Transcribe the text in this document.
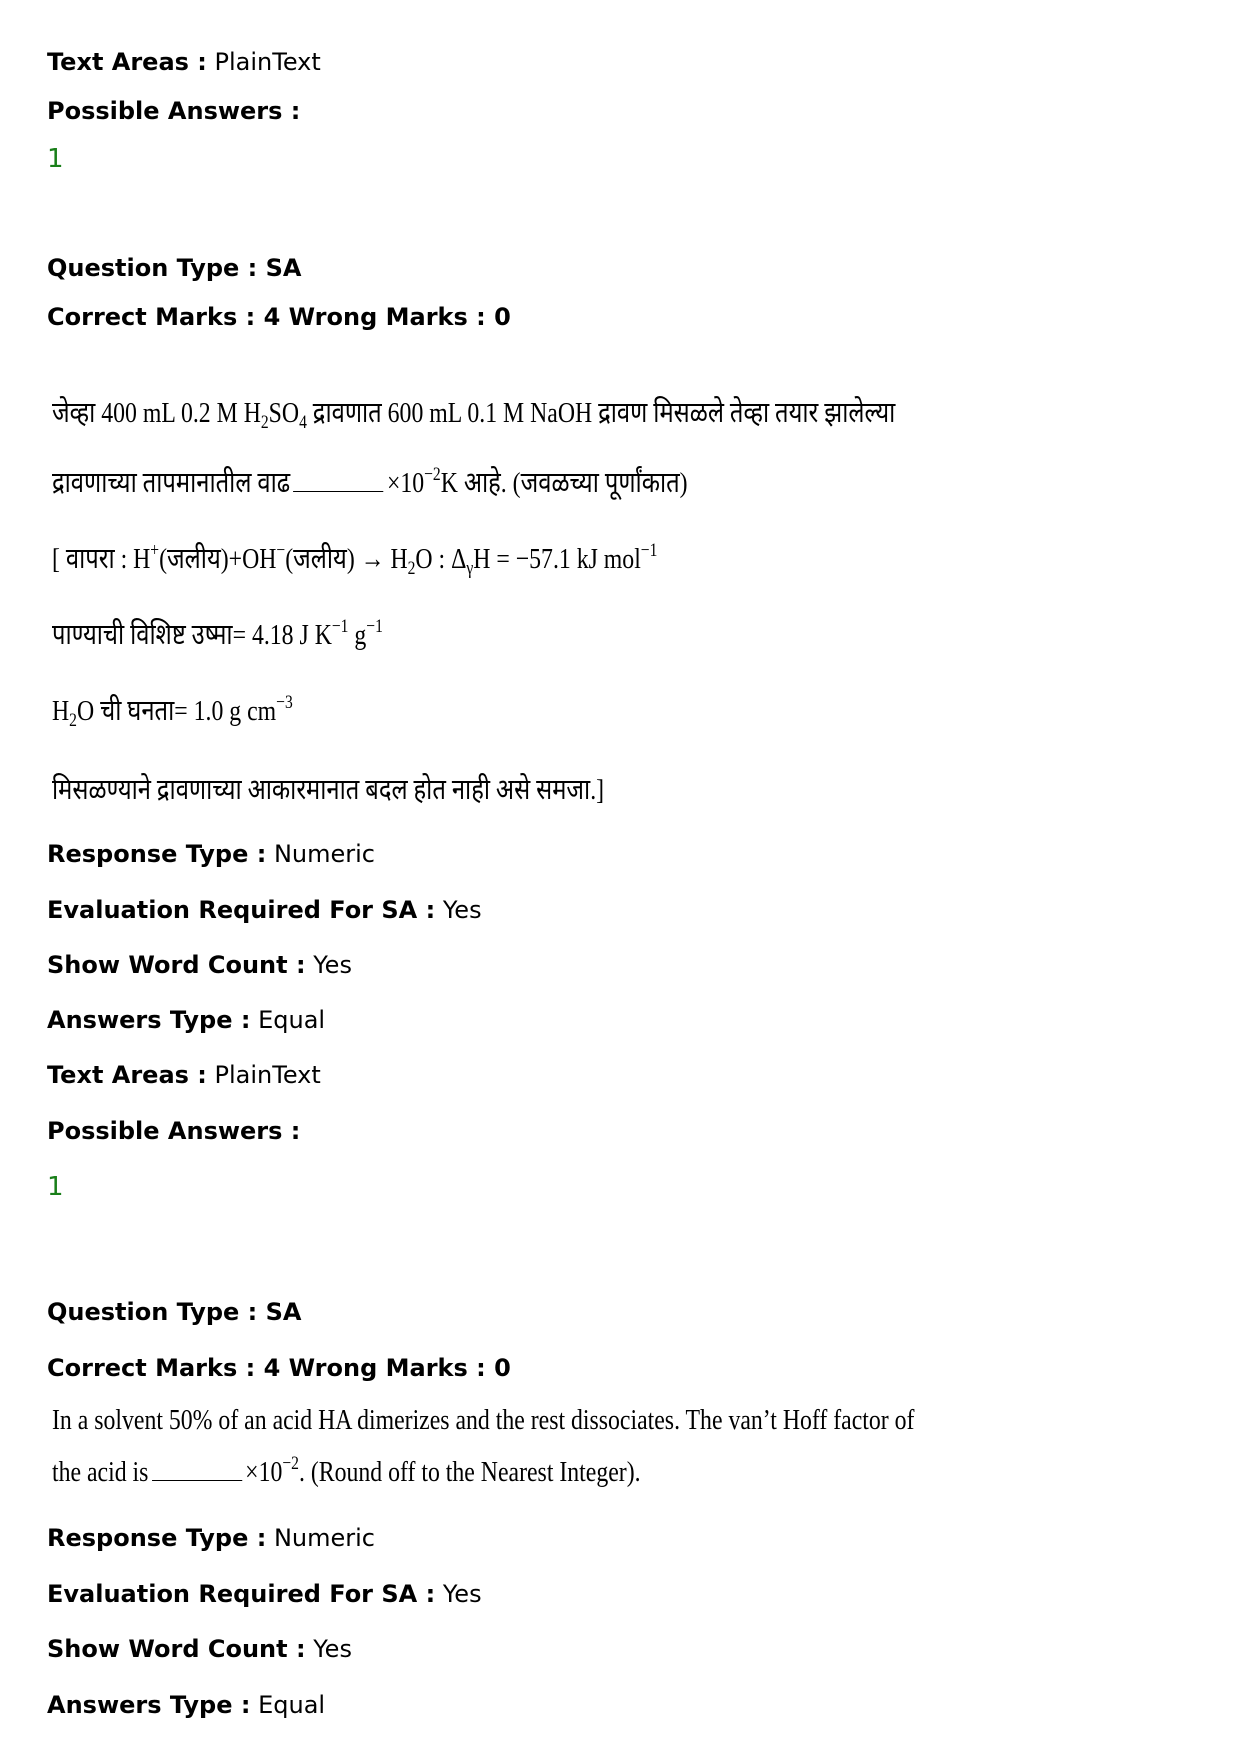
Text Areas : PlainText
Possible Answers :
1
Question Type : SA
Correct Marks : 4 Wrong Marks : 0
जेव्हा 400 mL 0.2 M $H_2SO_4$ द्रावणात 600 mL 0.1 M NaOH द्रावण मिसळले तेव्हा तयार झालेल्या
द्रावणाच्या तापमानातील वाढ	$\times 10^{-2}K$ आहे. (जवळच्या पूर्णांकात)
[ वापरा : H+(जलीय)+OH−(जलीय) → $H_2O$ : $\Delta_\gamma H = -57.1$ kJ mol$^{-1}$
पाण्याची विशिष्ट उष्मा= 4.18 J $K^{-1}$ $g^{-1}$
$H_2O$ ची घनता= 1.0 g $cm^{-3}$
मिसळण्याने द्रावणाच्या आकारमानात बदल होत नाही असे समजा.]
Response Type : Numeric
Evaluation Required For SA : Yes
Show Word Count : Yes
Answers Type : Equal
Text Areas : PlainText
Possible Answers :
1
Question Type : SA
Correct Marks : 4 Wrong Marks : 0
In a solvent 50% of an acid HA dimerizes and the rest dissociates. The van’t Hoff factor of
the acid is	$\times 10^{-2}$. (Round off to the Nearest Integer).
Response Type : Numeric
Evaluation Required For SA : Yes
Show Word Count : Yes
Answers Type : Equal
